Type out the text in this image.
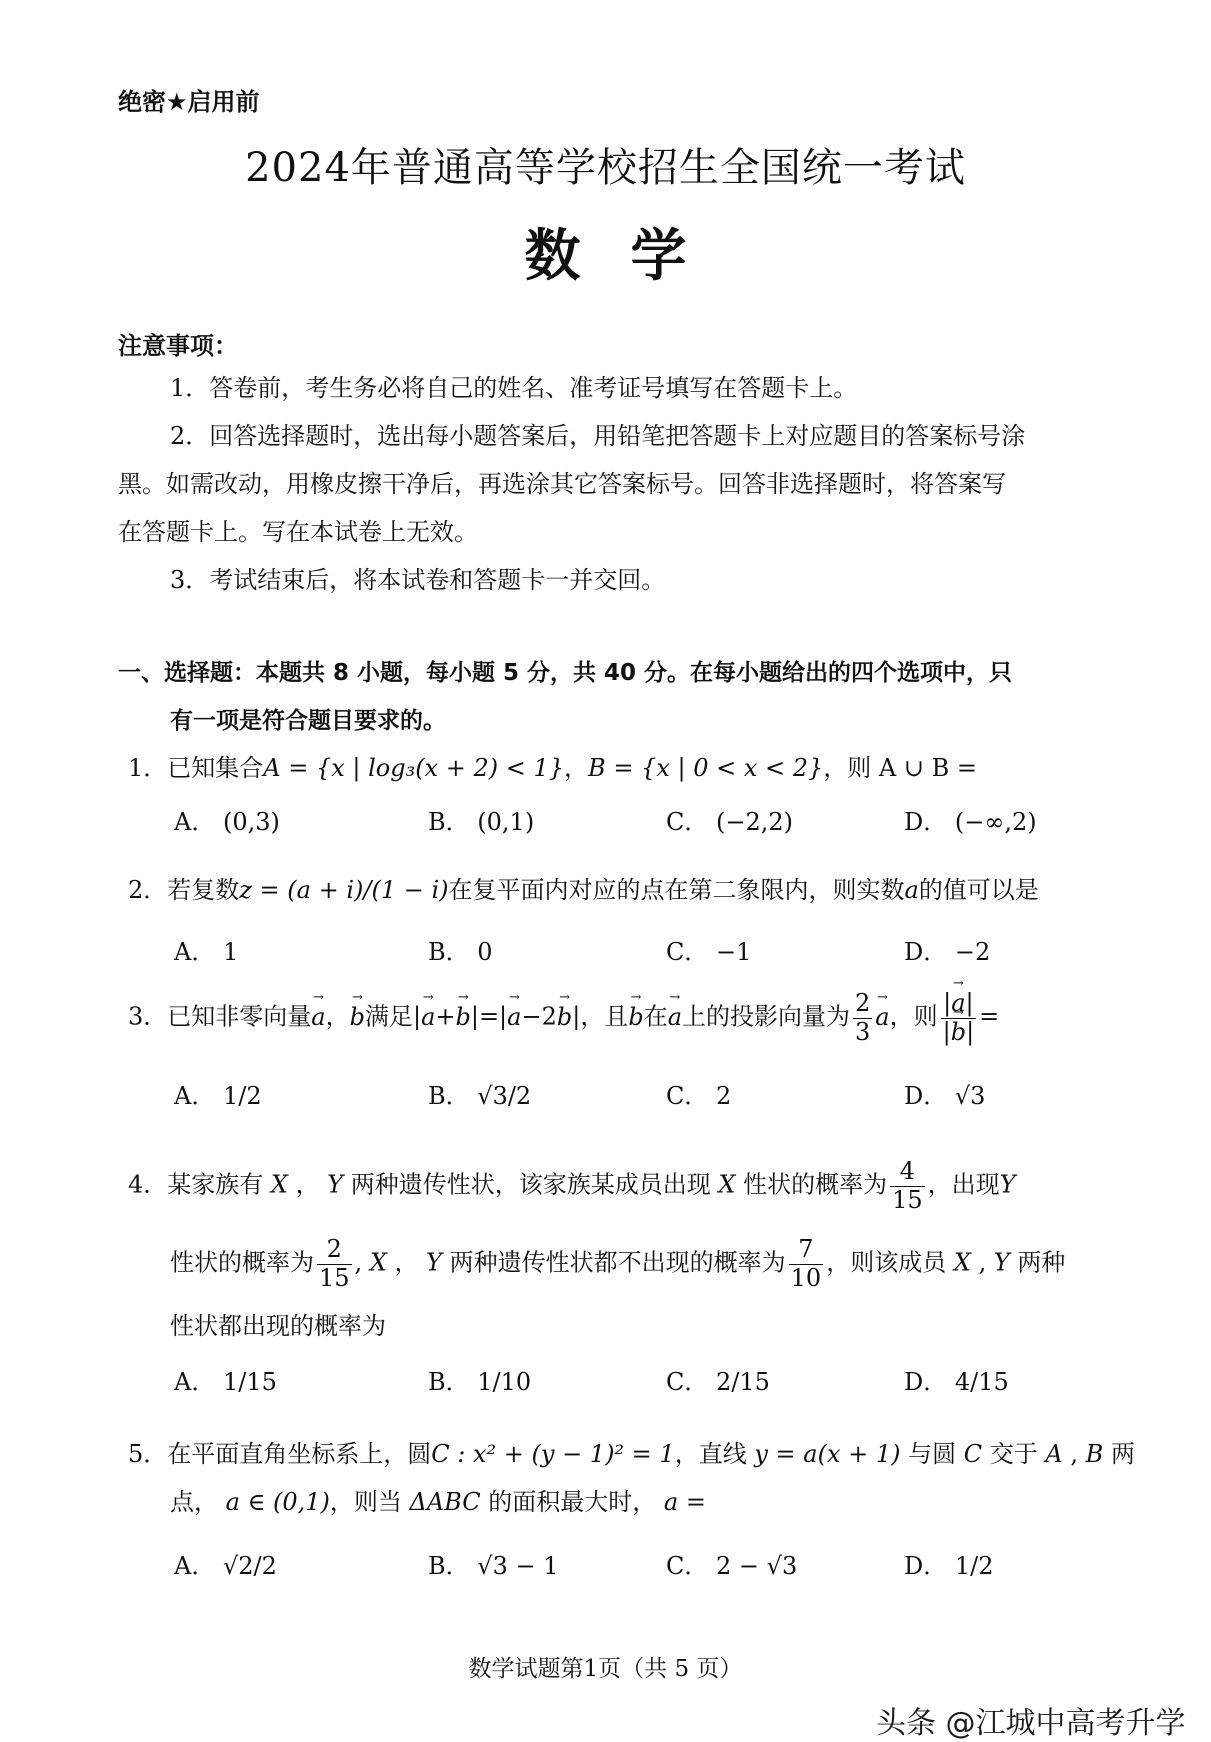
绝密★启用前
2024年普通高等学校招生全国统一考试
数学
注意事项：
1．答卷前，考生务必将自己的姓名、准考证号填写在答题卡上。
2．回答选择题时，选出每小题答案后，用铅笔把答题卡上对应题目的答案标号涂
黑。如需改动，用橡皮擦干净后，再选涂其它答案标号。回答非选择题时，将答案写
在答题卡上。写在本试卷上无效。
3．考试结束后，将本试卷和答题卡一并交回。
一、选择题：本题共 8 小题，每小题 5 分，共 40 分。在每小题给出的四个选项中，只
有一项是符合题目要求的。
1．已知集合A = {x | log₃(x + 2) < 1}，B = {x | 0 < x < 2}，则 A ∪ B =
A． (0,3)	B． (0,1)	C． (−2,2)	D． (−∞,2)
2．若复数z = (a + i)/(1 − i)在复平面内对应的点在第二象限内，则实数a的值可以是
A． 1	B． 0	C． −1	D． −2
3．已知非零向量→ a，→ b满足|→ a+→ b|=|→ a−2→ b|，且→ b在→ a上的投影向量为 $\frac{2}{3}$
→ a，则 $\frac{|\to a|}{|\to b|}$ =
A． 1/2	B． √3/2	C． 2	D． √3
4．某家族有 X ， Y 两种遗传性状，该家族某成员出现 X 性状的概率为 $\frac{4}{15}$ ，出现Y
性状的概率为 $\frac{2}{15}$ , X ， Y 两种遗传性状都不出现的概率为 $\frac{7}{10}$ ，则该成员 X , Y 两种
性状都出现的概率为
A． 1/15	B． 1/10	C． 2/15	D． 4/15
5．在平面直角坐标系上，圆C : x² + (y − 1)² = 1，直线 y = a(x + 1) 与圆 C 交于 A , B 两
点， a ∈ (0,1)，则当 ΔABC 的面积最大时， a =
A． √2/2	B． √3 − 1	C． 2 − √3	D． 1/2
数学试题第1页（共 5 页）
头条 @江城中高考升学
